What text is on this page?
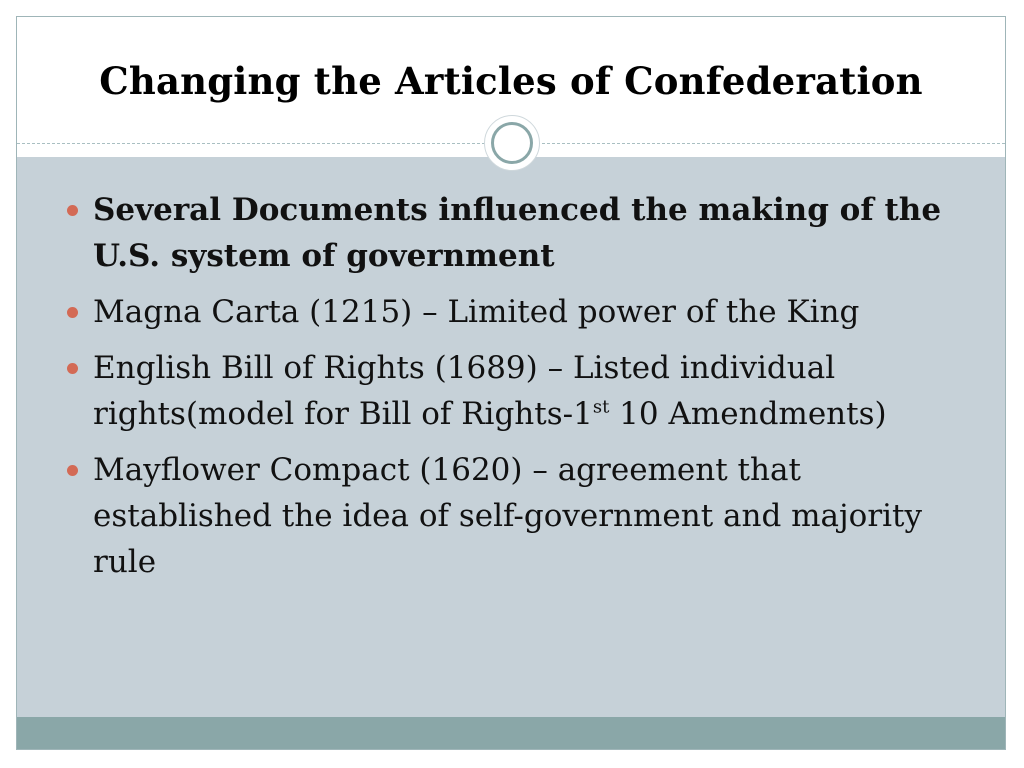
Changing the Articles of Confederation
Several Documents influenced the making of the U.S. system of government
Magna Carta (1215) – Limited power of the King
English Bill of Rights (1689) – Listed individual rights(model for Bill of Rights-1st 10 Amendments)
Mayflower Compact (1620) – agreement that established the idea of self-government and majority rule
